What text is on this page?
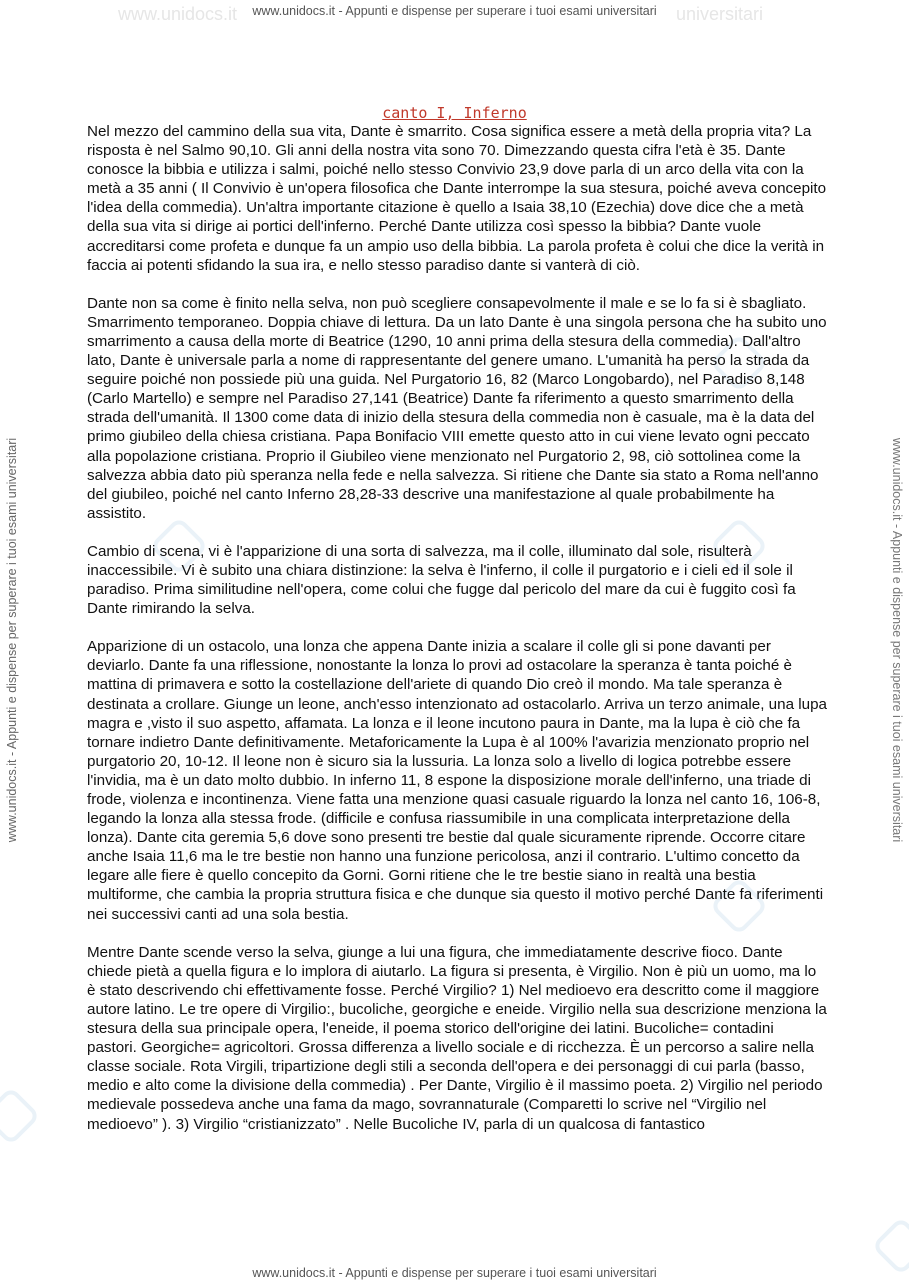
www.unidocs.it	universitari
www.unidocs.it - Appunti e dispense per superare i tuoi esami universitari
www.unidocs.it - Appunti e dispense per superare i tuoi esami universitari	www.unidocs.it - Appunti e dispense per superare i tuoi esami universitari
canto I, Inferno

Nel mezzo del cammino della sua vita, Dante è smarrito. Cosa significa essere a metà della propria vita? La risposta è nel Salmo 90,10. Gli anni della nostra vita sono 70. Dimezzando questa cifra l'età è 35. Dante conosce la bibbia e utilizza i salmi, poiché nello stesso Convivio 23,9 dove parla di un arco della vita con la metà a 35 anni ( Il Convivio è un'opera filosofica che Dante interrompe la sua stesura, poiché aveva concepito l'idea della commedia). Un'altra importante citazione è quello a Isaia 38,10 (Ezechia) dove dice che a metà della sua vita si dirige ai portici dell'inferno. Perché Dante utilizza così spesso la bibbia? Dante vuole accreditarsi come profeta e dunque fa un ampio uso della bibbia. La parola profeta è colui che dice la verità in faccia ai potenti sfidando la sua ira, e nello stesso paradiso dante si vanterà di ciò.

Dante non sa come è finito nella selva, non può scegliere consapevolmente il male e se lo fa si è sbagliato. Smarrimento temporaneo. Doppia chiave di lettura. Da un lato Dante è una singola persona che ha subito uno smarrimento a causa della morte di Beatrice (1290, 10 anni prima della stesura della commedia). Dall'altro lato, Dante è universale parla a nome di rappresentante del genere umano. L'umanità ha perso la strada da seguire poiché non possiede più una guida. Nel Purgatorio 16, 82 (Marco Longobardo), nel Paradiso 8,148 (Carlo Martello) e sempre nel Paradiso 27,141 (Beatrice) Dante fa riferimento a questo smarrimento della strada dell'umanità. Il 1300 come data di inizio della stesura della commedia non è casuale, ma è la data del primo giubileo della chiesa cristiana. Papa Bonifacio VIII emette questo atto in cui viene levato ogni peccato alla popolazione cristiana. Proprio il Giubileo viene menzionato nel Purgatorio 2, 98, ciò sottolinea come la salvezza abbia dato più speranza nella fede e nella salvezza. Si ritiene che Dante sia stato a Roma nell'anno del giubileo, poiché nel canto Inferno 28,28-33 descrive una manifestazione al quale probabilmente ha assistito.

Cambio di scena, vi è l'apparizione di una sorta di salvezza, ma il colle, illuminato dal sole, risulterà inaccessibile. Vi è subito una chiara distinzione: la selva è l'inferno, il colle il purgatorio e i cieli ed il sole il paradiso. Prima similitudine nell'opera, come colui che fugge dal pericolo del mare da cui è fuggito così fa Dante rimirando la selva.

Apparizione di un ostacolo, una lonza che appena Dante inizia a scalare il colle gli si pone davanti per deviarlo. Dante fa una riflessione, nonostante la lonza lo provi ad ostacolare la speranza è tanta poiché è mattina di primavera e sotto la costellazione dell'ariete di quando Dio creò il mondo. Ma tale speranza è destinata a crollare. Giunge un leone, anch'esso intenzionato ad ostacolarlo. Arriva un terzo animale, una lupa magra e ,visto il suo aspetto, affamata. La lonza e il leone incutono paura in Dante, ma la lupa è ciò che fa tornare indietro Dante definitivamente. Metaforicamente la Lupa è al 100% l'avarizia menzionato proprio nel purgatorio 20, 10-12. Il leone non è sicuro sia la lussuria. La lonza solo a livello di logica potrebbe essere l'invidia, ma è un dato molto dubbio. In inferno 11, 8 espone la disposizione morale dell'inferno, una triade di frode, violenza e incontinenza. Viene fatta una menzione quasi casuale riguardo la lonza nel canto 16, 106-8, legando la lonza alla stessa frode. (difficile e confusa riassumibile in una complicata interpretazione della lonza). Dante cita geremia 5,6 dove sono presenti tre bestie dal quale sicuramente riprende. Occorre citare anche Isaia 11,6 ma le tre bestie non hanno una funzione pericolosa, anzi il contrario. L'ultimo concetto da legare alle fiere è quello concepito da Gorni. Gorni ritiene che le tre bestie siano in realtà una bestia multiforme, che cambia la propria struttura fisica e che dunque sia questo il motivo perché Dante fa riferimenti nei successivi canti ad una sola bestia.

Mentre Dante scende verso la selva, giunge a lui una figura, che immediatamente descrive fioco. Dante chiede pietà a quella figura e lo implora di aiutarlo. La figura si presenta, è Virgilio. Non è più un uomo, ma lo è stato descrivendo chi effettivamente fosse. Perché Virgilio? 1) Nel medioevo era descritto come il maggiore autore latino. Le tre opere di Virgilio:, bucoliche, georgiche e eneide. Virgilio nella sua descrizione menziona la stesura della sua principale opera, l'eneide, il poema storico dell'origine dei latini. Bucoliche= contadini pastori. Georgiche= agricoltori. Grossa differenza a livello sociale e di ricchezza. È un percorso a salire nella classe sociale. Rota Virgili, tripartizione degli stili a seconda dell'opera e dei personaggi di cui parla (basso, medio e alto come la divisione della commedia) . Per Dante, Virgilio è il massimo poeta. 2) Virgilio nel periodo medievale possedeva anche una fama da mago, sovrannaturale (Comparetti lo scrive nel “Virgilio nel medioevo” ). 3) Virgilio “cristianizzato” . Nelle Bucoliche IV, parla di un qualcosa di fantastico

www.unidocs.it - Appunti e dispense per superare i tuoi esami universitari
